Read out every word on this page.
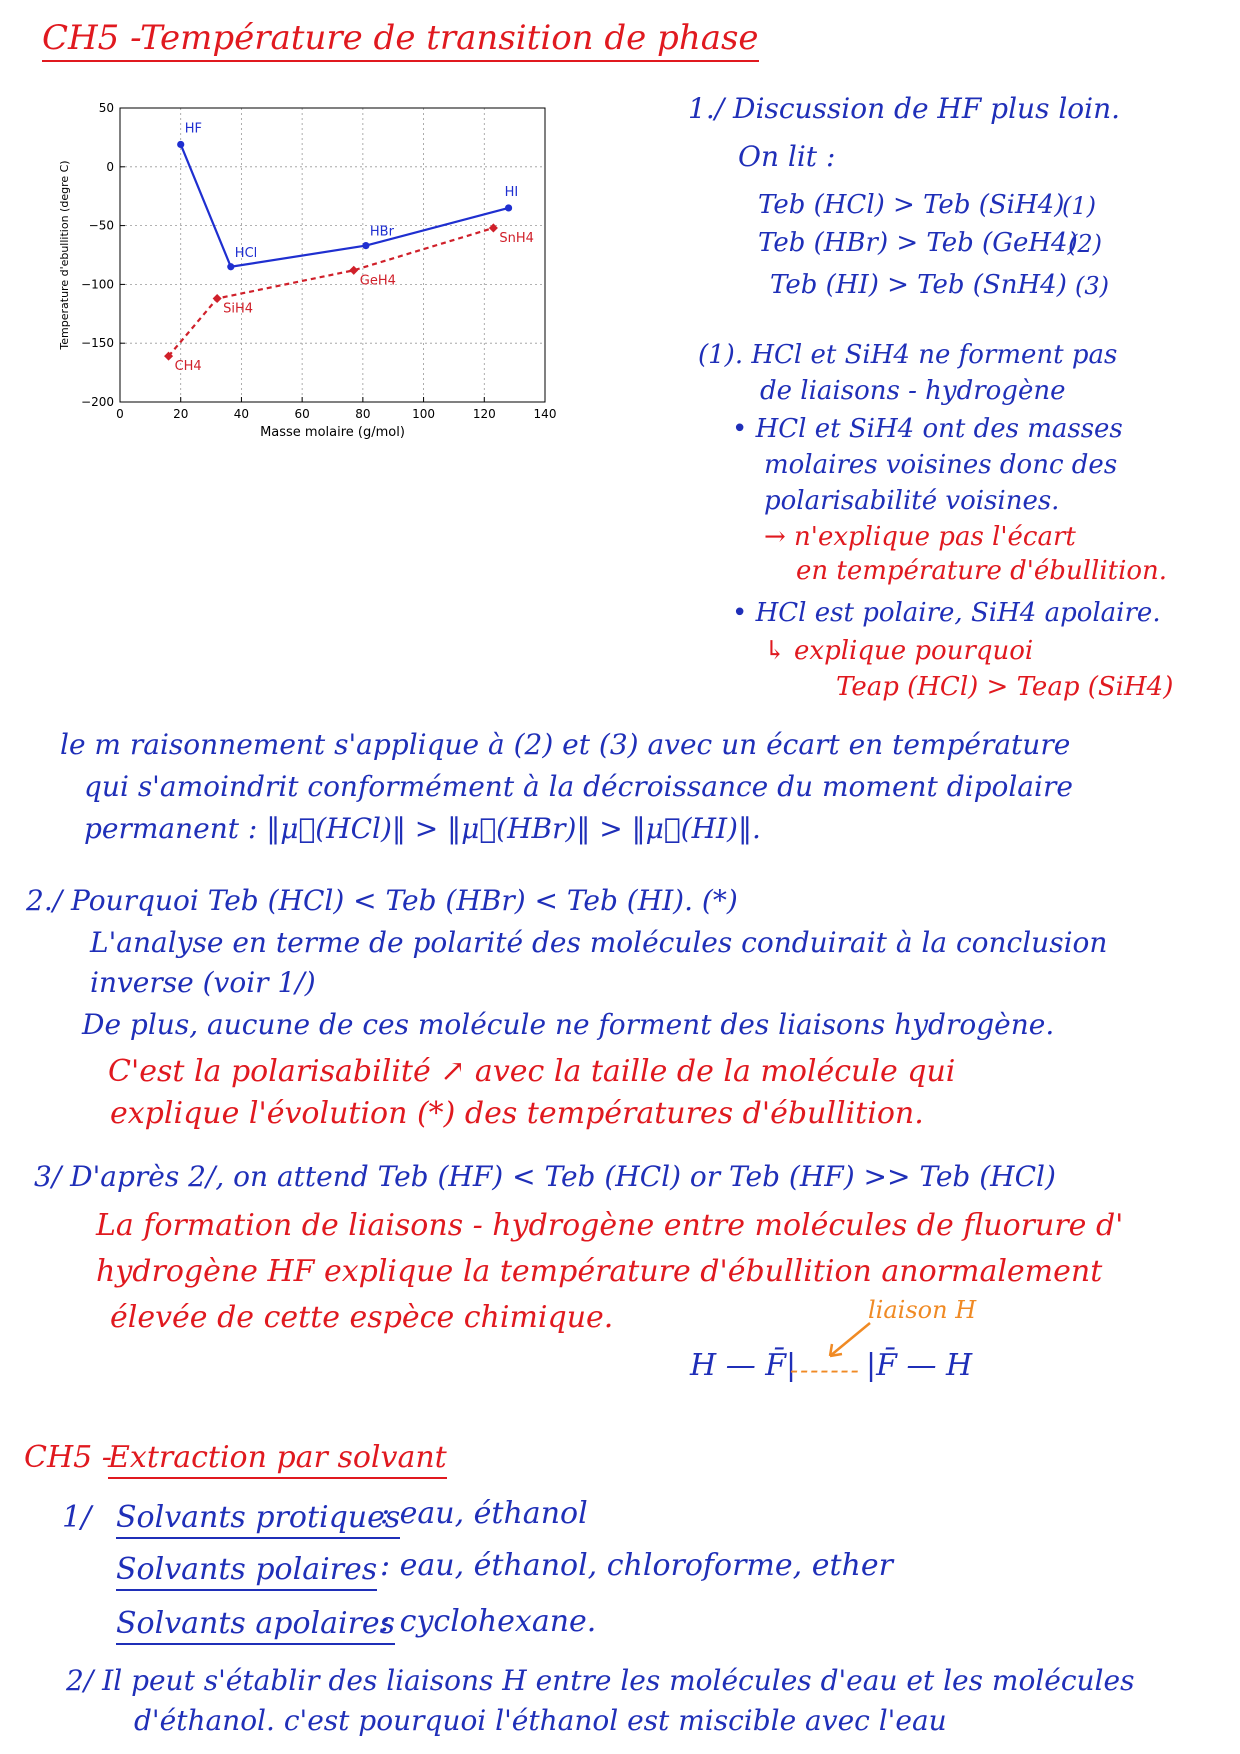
CH5 -
Température de transition de phase
0	20	40	60	80	100	120	140
50
0
−50
−100
−150
−200
HF
HCl
HBr
HI
CH4
SiH4
GeH4
SnH4
Masse molaire (g/mol)
Temperature d'ebullition (degre C)
1./ Discussion de HF plus loin.
On lit :
Teb (HCl) > Teb (SiH4)
(1)
Teb (HBr) > Teb (GeH4)
(2)
Teb (HI) > Teb (SnH4) (3)
(1). HCl et SiH4 ne forment pas
de liaisons - hydrogène
• HCl et SiH4 ont des masses
molaires voisines donc des
polarisabilité voisines.
→ n'explique pas l'écart
en température d'ébullition.
• HCl est polaire, SiH4 apolaire.
↳ explique pourquoi
Teap (HCl) > Teap (SiH4)
le m raisonnement s'applique à (2) et (3) avec un écart en température
qui s'amoindrit conformément à la décroissance du moment dipolaire
permanent : ‖μ⃗(HCl)‖ > ‖μ⃗(HBr)‖ > ‖μ⃗(HI)‖.
2./ Pourquoi Teb (HCl) < Teb (HBr) < Teb (HI). (*)
L'analyse en terme de polarité des molécules conduirait à la conclusion
inverse (voir 1/)
De plus, aucune de ces molécule ne forment des liaisons hydrogène.
C'est la polarisabilité ↗ avec la taille de la molécule qui
explique l'évolution (*) des températures d'ébullition.
3/ D'après 2/, on attend Teb (HF) < Teb (HCl) or Teb (HF) >> Teb (HCl)
La formation de liaisons - hydrogène entre molécules de fluorure d'
hydrogène HF explique la température d'ébullition anormalement
élevée de cette espèce chimique.	liaison H
H — F̄|
------- |F̄ — H
CH5 -
Extraction par solvant
1/ Solvants protiques
: eau, éthanol
Solvants polaires : eau, éthanol, chloroforme, ether
Solvants apolaires
: cyclohexane.
2/ Il peut s'établir des liaisons H entre les molécules d'eau et les molécules
d'éthanol. c'est pourquoi l'éthanol est miscible avec l'eau
